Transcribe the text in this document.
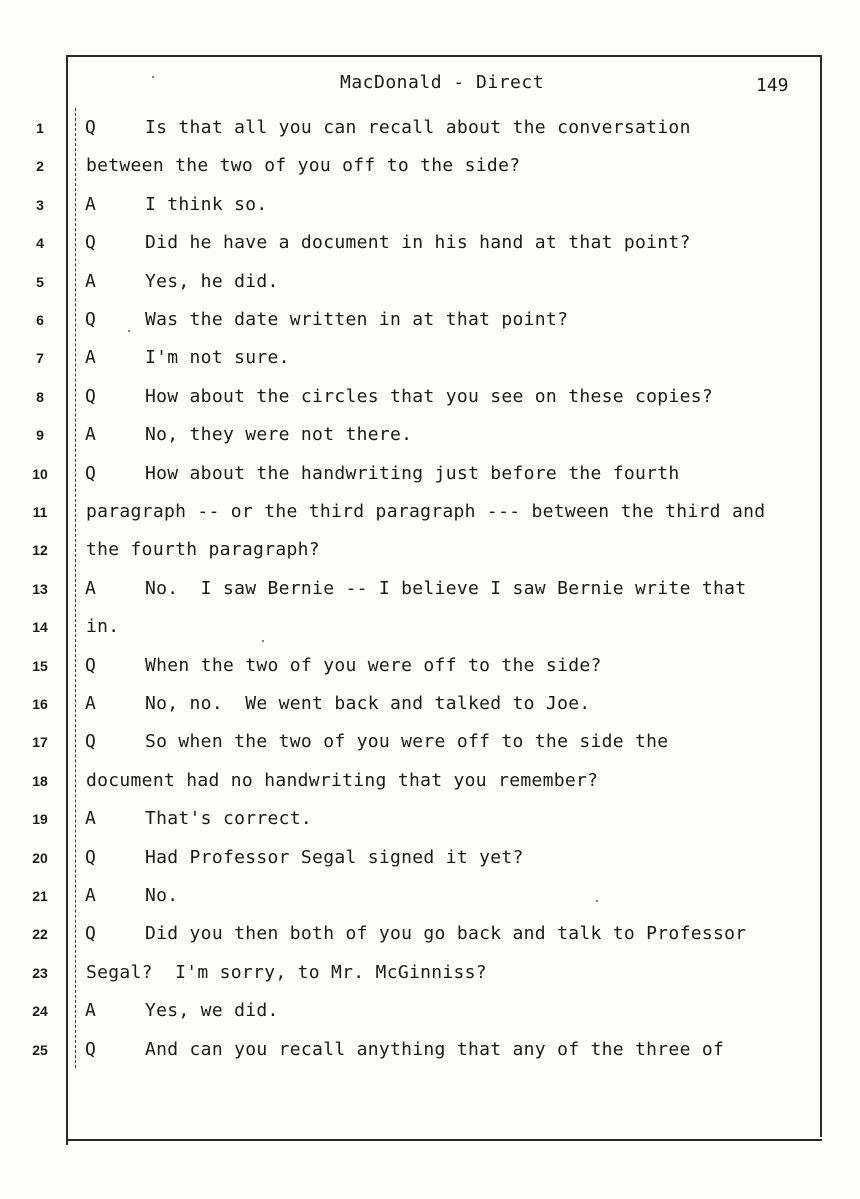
MacDonald - Direct	149
1	Q	Is that all you can recall about the conversation
2	between the two of you off to the side?
3	A	I think so.
4	Q	Did he have a document in his hand at that point?
5	A	Yes, he did.
6	Q	Was the date written in at that point?
7	A	I'm not sure.
8	Q	How about the circles that you see on these copies?
9	A	No, they were not there.
10	Q	How about the handwriting just before the fourth
11	paragraph -- or the third paragraph --- between the third and
12	the fourth paragraph?
13	A	No.  I saw Bernie -- I believe I saw Bernie write that
14	in.
15	Q	When the two of you were off to the side?
16	A	No, no.  We went back and talked to Joe.
17	Q	So when the two of you were off to the side the
18	document had no handwriting that you remember?
19	A	That's correct.
20	Q	Had Professor Segal signed it yet?
21	A	No.
22	Q	Did you then both of you go back and talk to Professor
23	Segal?  I'm sorry, to Mr. McGinniss?
24	A	Yes, we did.
25	Q	And can you recall anything that any of the three of
